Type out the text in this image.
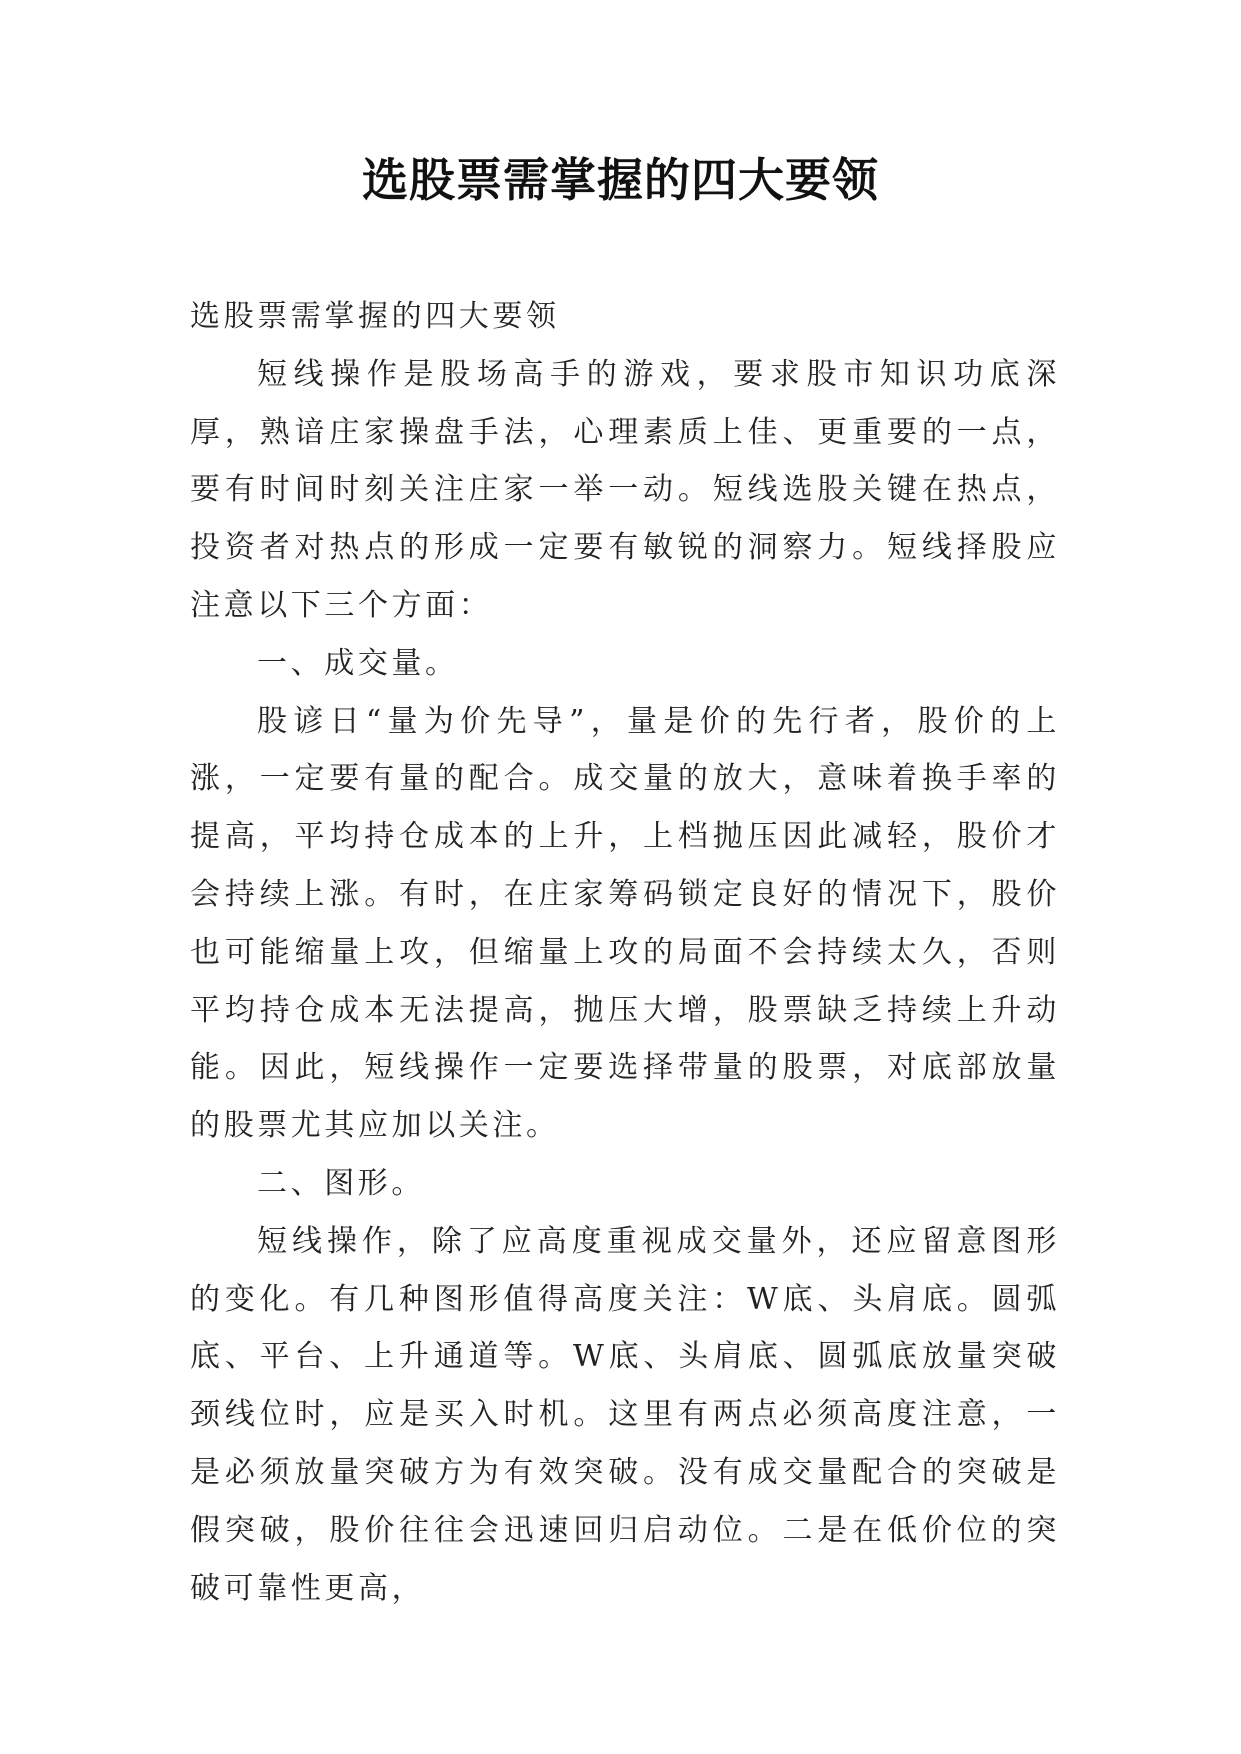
选股票需掌握的四大要领

选股票需掌握的四大要领

短线操作是股场高手的游戏，要求股市知识功底深厚，熟谙庄家操盘手法，心理素质上佳、更重要的一点，要有时间时刻关注庄家一举一动。短线选股关键在热点，投资者对热点的形成一定要有敏锐的洞察力。短线择股应注意以下三个方面：

一、成交量。

股谚日“量为价先导”，量是价的先行者，股价的上涨，一定要有量的配合。成交量的放大，意味着换手率的提高，平均持仓成本的上升，上档抛压因此减轻，股价才会持续上涨。有时，在庄家筹码锁定良好的情况下，股价也可能缩量上攻，但缩量上攻的局面不会持续太久，否则平均持仓成本无法提高，抛压大增，股票缺乏持续上升动能。因此，短线操作一定要选择带量的股票，对底部放量的股票尤其应加以关注。

二、图形。

短线操作，除了应高度重视成交量外，还应留意图形的变化。有几种图形值得高度关注：W底、头肩底。圆弧底、平台、上升通道等。W底、头肩底、圆弧底放量突破颈线位时，应是买入时机。这里有两点必须高度注意，一是必须放量突破方为有效突破。没有成交量配合的突破是假突破，股价往往会迅速回归启动位。二是在低价位的突破可靠性更高，
